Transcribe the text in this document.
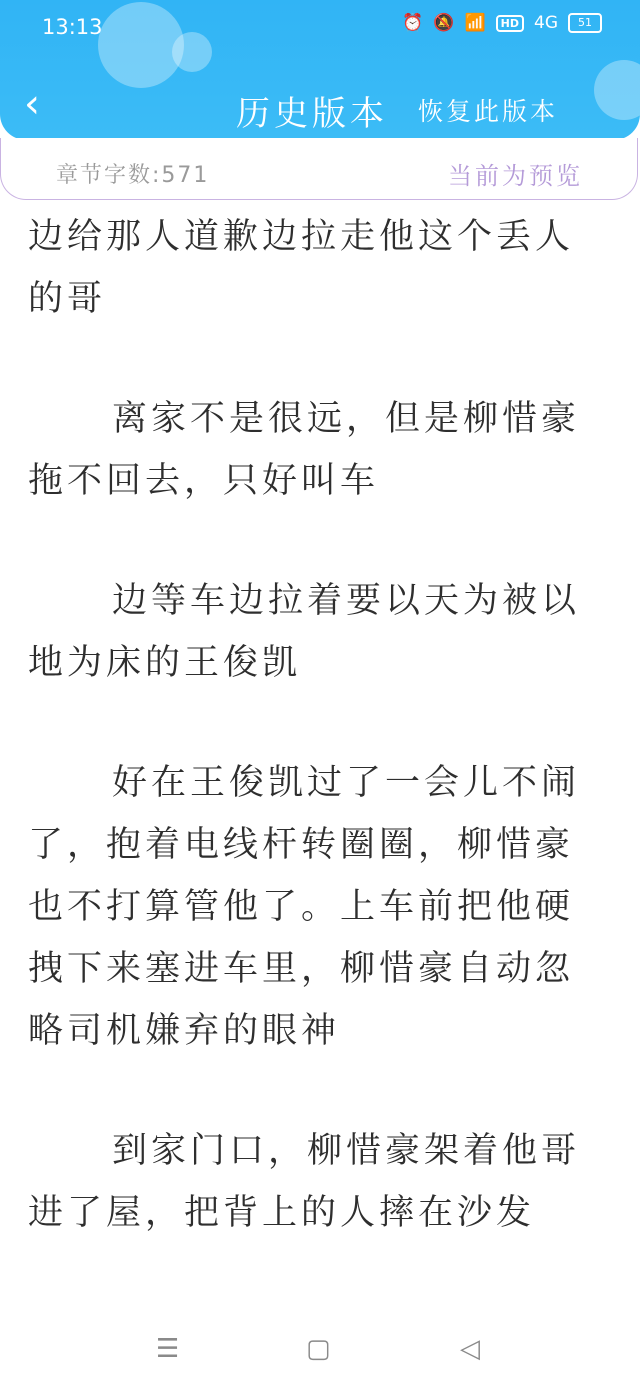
13:13	⏰ 🔕 📶	HD 4G	51
‹	历史版本 恢复此版本
章节字数:571	当前为预览

边给那人道歉边拉走他这个丢人的哥

离家不是很远，但是柳惜豪拖不回去，只好叫车

边等车边拉着要以天为被以地为床的王俊凯

好在王俊凯过了一会儿不闹了，抱着电线杆转圈圈，柳惜豪也不打算管他了。上车前把他硬拽下来塞进车里，柳惜豪自动忽略司机嫌弃的眼神

到家门口，柳惜豪架着他哥进了屋，把背上的人摔在沙发

☰	▢	◁
